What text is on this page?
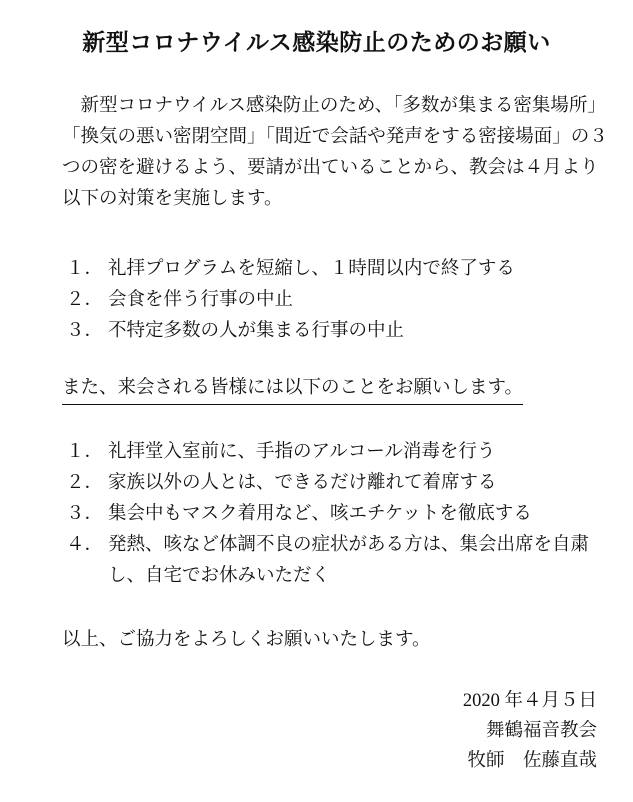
新型コロナウイルス感染防止のためのお願い

新型コロナウイルス感染防止のため、「多数が集まる密集場所」「換気の悪い密閉空間」「間近で会話や発声をする密接場面」の３つの密を避けるよう、要請が出ていることから、教会は４月より以下の対策を実施します。

１． 礼拝プログラムを短縮し、１時間以内で終了する
２． 会食を伴う行事の中止
３． 不特定多数の人が集まる行事の中止
また、来会される皆様には以下のことをお願いします。
１． 礼拝堂入室前に、手指のアルコール消毒を行う
２． 家族以外の人とは、できるだけ離れて着席する
３． 集会中もマスク着用など、咳エチケットを徹底する
４． 発熱、咳など体調不良の症状がある方は、集会出席を自粛し、自宅でお休みいただく
以上、ご協力をよろしくお願いいたします。
2020 年４月５日
舞鶴福音教会
牧師　佐藤直哉
